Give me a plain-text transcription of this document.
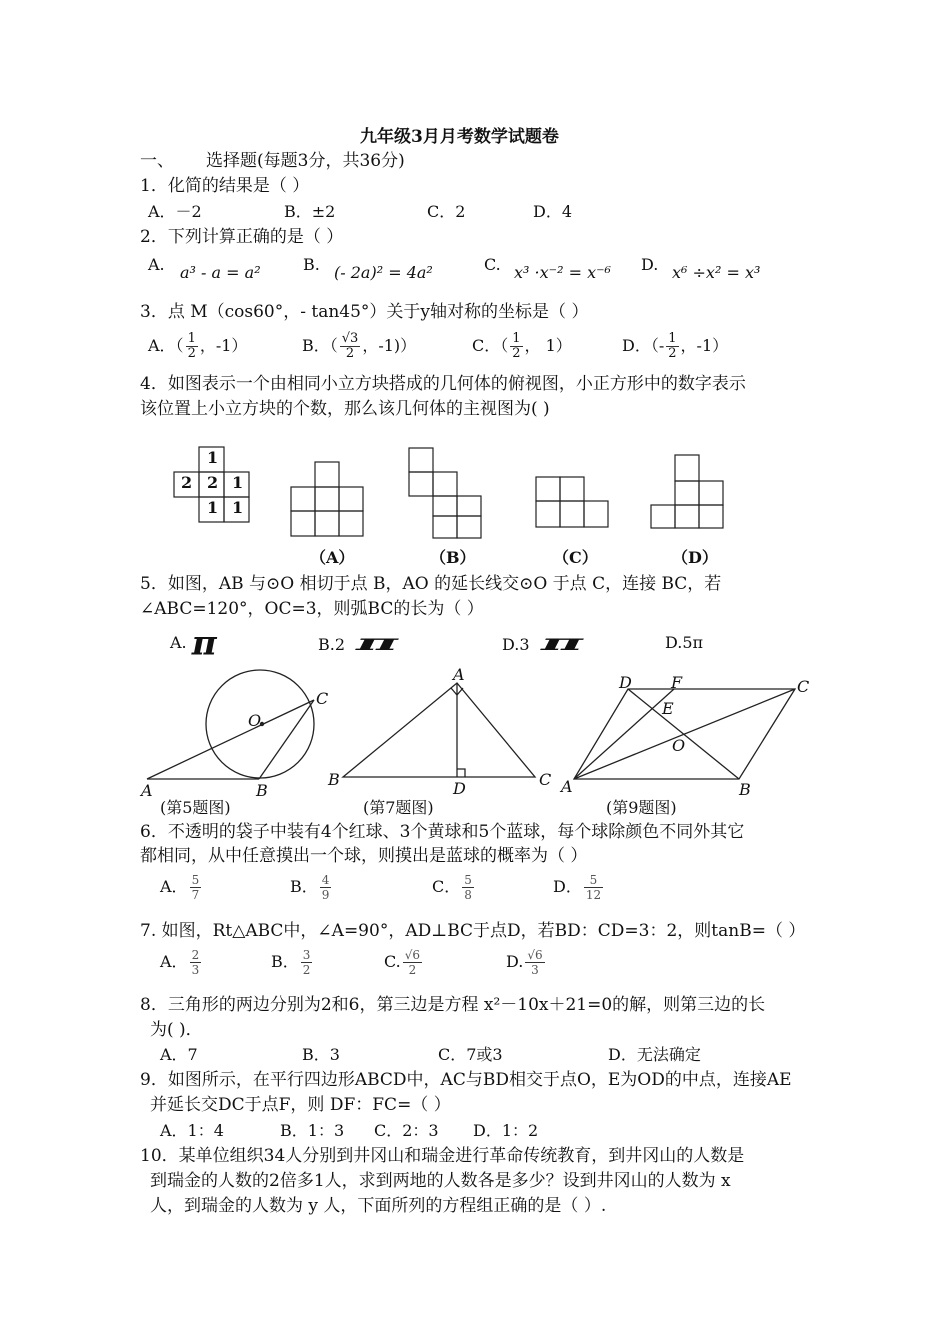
九年级3月月考数学试题卷
一、 选择题(每题3分，共36分)
1．化简的结果是（ ）
A．－2	B．±2	C．2	D．4
2．下列计算正确的是（ ）
A. a³ - a = a²	B. (- 2a)² = 4a²	C. x³ ·x⁻² = x⁻⁶ D. x⁶ ÷x² = x³
3．点 M（cos60°，- tan45°）关于y轴对称的坐标是（ ）
A．（ $\frac{1}{2}$ ，-1）	B．（ $\frac{√3}{2}$ ，-1)）	C．（ $\frac{1}{2}$ ， 1）	D．（- $\frac{1}{2}$ ，-1）
4．如图表示一个由相同小立方块搭成的几何体的俯视图，小正方形中的数字表示
该位置上小立方块的个数，那么该几何体的主视图为( )
1
2 2 1
1 1
（A）	（B）	（C）	（D）
5．如图，AB 与⊙O 相切于点 B，AO 的延长线交⊙O 于点 C，连接 BC，若
∠ABC=120°，OC=3，则弧BC的长为（ ）
A. π	B.2 π	D.3 π	D.5π
O
C
A	B
(第5题图)
A
B	D	C
(第7题图)
D F	C
E
O
A	B
(第9题图)
6．不透明的袋子中装有4个红球、3个黄球和5个蓝球，每个球除颜色不同外其它
都相同，从中任意摸出一个球，则摸出是蓝球的概率为（ ）
A． $\frac{5}{7}$	B． $\frac{4}{9}$	C． $\frac{5}{8}$	D． $\frac{5}{12}$
7. 如图，Rt△ABC中，∠A=90°，AD⊥BC于点D，若BD：CD=3：2，则tanB=（ ）
A． $\frac{2}{3}$	B． $\frac{3}{2}$	C. $\frac{√6}{2}$	D. $\frac{√6}{3}$
8．三角形的两边分别为2和6，第三边是方程 x²－10x＋21=0的解，则第三边的长
为( )．
A．7	B．3	C．7或3	D．无法确定
9．如图所示，在平行四边形ABCD中，AC与BD相交于点O，E为OD的中点，连接AE
并延长交DC于点F，则 DF：FC=（ ）
A．1：4	B．1：3 C．2：3 D．1：2
10．某单位组织34人分别到井冈山和瑞金进行革命传统教育，到井冈山的人数是
到瑞金的人数的2倍多1人，求到两地的人数各是多少？设到井冈山的人数为 x
人，到瑞金的人数为 y 人，下面所列的方程组正确的是（ ）.
